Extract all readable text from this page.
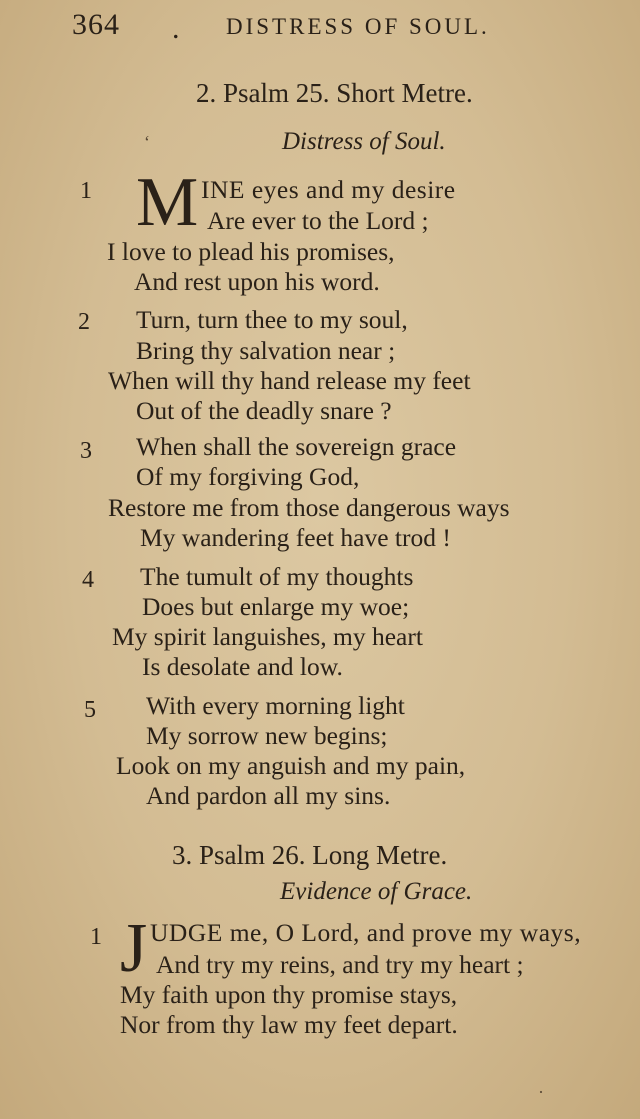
364 . DISTRESS OF SOUL.
2. Psalm 25. Short Metre.
Distress of Soul.
ʻ
1 M INE eyes and my desire
Are ever to the Lord ;
I love to plead his promises,
And rest upon his word.
2 Turn, turn thee to my soul,
Bring thy salvation near ;
When will thy hand release my feet
Out of the deadly snare ?
3 When shall the sovereign grace
Of my forgiving God,
Restore me from those dangerous ways
My wandering feet have trod !
4 The tumult of my thoughts
Does but enlarge my woe;
My spirit languishes, my heart
Is desolate and low.
5 With every morning light
My sorrow new begins;
Look on my anguish and my pain,
And pardon all my sins.
3. Psalm 26. Long Metre.
Evidence of Grace.
1 J UDGE me, O Lord, and prove my ways,
And try my reins, and try my heart ;
My faith upon thy promise stays,
Nor from thy law my feet depart.
·
